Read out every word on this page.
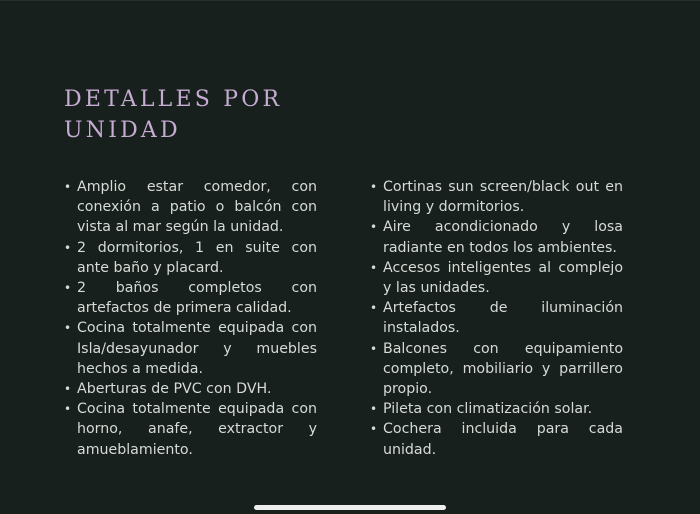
DETALLES POR
UNIDAD
• Amplio estar comedor, con conexión a patio o balcón con vista al mar según la unidad.
• 2 dormitorios, 1 en suite con ante baño y placard.
• 2 baños completos con artefactos de primera calidad.
• Cocina totalmente equipada con Isla/desayunador y muebles hechos a medida.
• Aberturas de PVC con DVH.
• Cocina totalmente equipada con horno, anafe, extractor y amueblamiento.
• Cortinas sun screen/black out en living y dormitorios.
• Aire acondicionado y losa radiante en todos los ambientes.
• Accesos inteligentes al complejo y las unidades.
• Artefactos de iluminación instalados.
• Balcones con equipamiento completo, mobiliario y parrillero propio.
• Pileta con climatización solar.
• Cochera incluida para cada unidad.
